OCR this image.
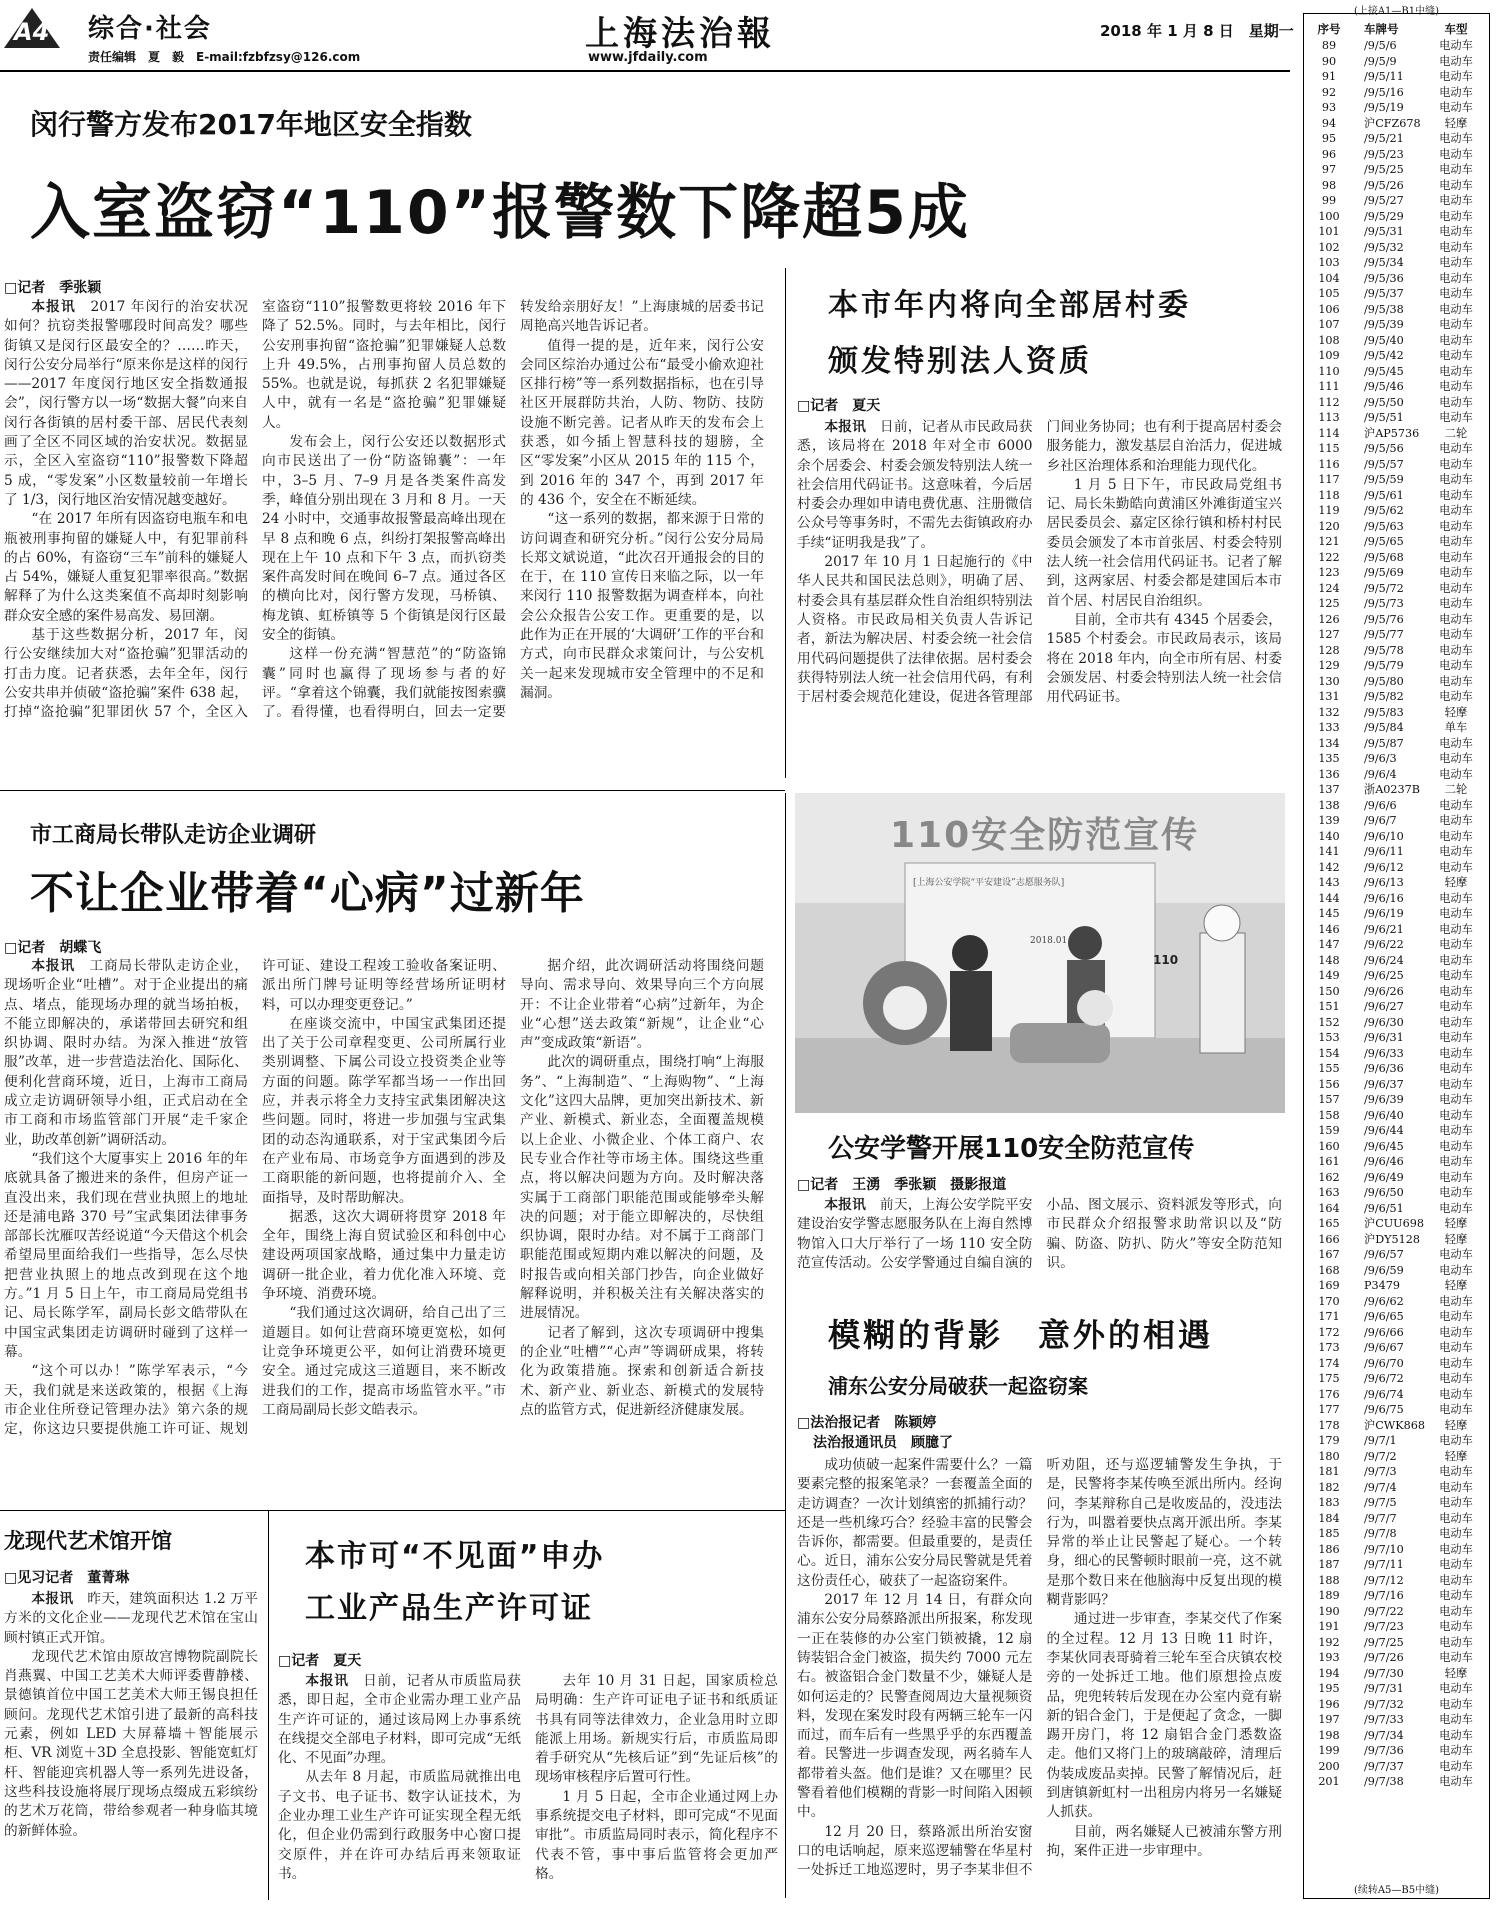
A4 综合·社会
责任编辑　夏　毅　E-mail:fzbfzsy@126.com
上海法治報
www.jfdaily.com
2018 年 1 月 8 日　星期一
闵行警方发布2017年地区安全指数
入室盗窃“110”报警数下降超5成
□记者　季张颖

本报讯　2017 年闵行的治安状况如何？抗窃类报警哪段时间高发？哪些街镇又是闵行区最安全的？……昨天，闵行公安分局举行“原来你是这样的闵行——2017 年度闵行地区安全指数通报会”，闵行警方以一场“数据大餐”向来自闵行各街镇的居村委干部、居民代表刻画了全区不同区域的治安状况。数据显示，全区入室盗窃“110”报警数下降超 5 成，“零发案”小区数量较前一年增长了 1/3，闵行地区治安情况越变越好。

“在 2017 年所有因盗窃电瓶车和电瓶被刑事拘留的嫌疑人中，有犯罪前科的占 60%，有盗窃“三车”前科的嫌疑人占 54%，嫌疑人重复犯罪率很高。”数据解释了为什么这类案值不高却时刻影响群众安全感的案件易高发、易回潮。

基于这些数据分析，2017 年，闵行公安继续加大对“盗抢骗”犯罪活动的打击力度。记者获悉，去年全年，闵行公安共串并侦破“盗抢骗”案件 638 起，打掉“盗抢骗”犯罪团伙 57 个，全区入室盗窃“110”报警数更将较 2016 年下降了 52.5%。同时，与去年相比，闵行公安刑事拘留“盗抢骗”犯罪嫌疑人总数上升 49.5%，占刑事拘留人员总数的 55%。也就是说，每抓获 2 名犯罪嫌疑人中，就有一名是“盗抢骗”犯罪嫌疑人。

发布会上，闵行公安还以数据形式向市民送出了一份“防盗锦囊”：一年中，3–5 月、7–9 月是各类案件高发季，峰值分别出现在 3 月和 8 月。一天 24 小时中，交通事故报警最高峰出现在早 8 点和晚 6 点，纠纷打架报警高峰出现在上午 10 点和下午 3 点，而扒窃类案件高发时间在晚间 6–7 点。通过各区的横向比对，闵行警方发现，马桥镇、梅龙镇、虹桥镇等 5 个街镇是闵行区最安全的街镇。

这样一份充满“智慧范”的“防盗锦囊”同时也赢得了现场参与者的好评。“拿着这个锦囊，我们就能按图索骥了。看得懂，也看得明白，回去一定要转发给亲朋好友！”上海康城的居委书记周艳高兴地告诉记者。

值得一提的是，近年来，闵行公安会同区综治办通过公布“最受小偷欢迎社区排行榜”等一系列数据指标，也在引导社区开展群防共治，人防、物防、技防设施不断完善。记者从昨天的发布会上获悉，如今插上智慧科技的翅膀，全区“零发案”小区从 2015 年的 115 个，到 2016 年的 347 个，再到 2017 年的 436 个，安全在不断延续。

“这一系列的数据，都来源于日常的访问调查和研究分析。”闵行公安分局局长郑文斌说道，“此次召开通报会的目的在于，在 110 宣传日来临之际，以一年来闵行 110 报警数据为调查样本，向社会公众报告公安工作。更重要的是，以此作为正在开展的‘大调研’工作的平台和方式，向市民群众求策问计，与公安机关一起来发现城市安全管理中的不足和漏洞。

本市年内将向全部居村委
颁发特别法人资质
□记者　夏天

本报讯　日前，记者从市民政局获悉，该局将在 2018 年对全市 6000 余个居委会、村委会颁发特别法人统一社会信用代码证书。这意味着，今后居村委会办理如申请电费优惠、注册微信公众号等事务时，不需先去街镇政府办手续“证明我是我”了。

2017 年 10 月 1 日起施行的《中华人民共和国民法总则》，明确了居、村委会具有基层群众性自治组织特别法人资格。市民政局相关负责人告诉记者，新法为解决居、村委会统一社会信用代码问题提供了法律依据。居村委会获得特别法人统一社会信用代码，有利于居村委会规范化建设，促进各管理部门间业务协同；也有利于提高居村委会服务能力，激发基层自治活力，促进城乡社区治理体系和治理能力现代化。

1 月 5 日下午，市民政局党组书记、局长朱勤皓向黄浦区外滩街道宝兴居民委员会、嘉定区徐行镇和桥村村民委员会颁发了本市首张居、村委会特别法人统一社会信用代码证书。记者了解到，这两家居、村委会都是建国后本市首个居、村居民自治组织。

目前，全市共有 4345 个居委会，1585 个村委会。市民政局表示，该局将在 2018 年内，向全市所有居、村委会颁发居、村委会特别法人统一社会信用代码证书。

市工商局长带队走访企业调研
不让企业带着“心病”过新年
□记者　胡蝶飞

本报讯　工商局长带队走访企业，现场听企业“吐槽”。对于企业提出的痛点、堵点，能现场办理的就当场拍板，不能立即解决的，承诺带回去研究和组织协调、限时办结。为深入推进“放管服”改革，进一步营造法治化、国际化、便利化营商环境，近日，上海市工商局成立走访调研领导小组，正式启动在全市工商和市场监管部门开展“走千家企业，助改革创新”调研活动。

“我们这个大厦事实上 2016 年的年底就具备了搬进来的条件，但房产证一直没出来，我们现在营业执照上的地址还是浦电路 370 号”宝武集团法律事务部部长沈雁叹苦经说道“今天借这个机会希望局里面给我们一些指导，怎么尽快把营业执照上的地点改到现在这个地方。”1 月 5 日上午，市工商局局党组书记、局长陈学军，副局长彭文皓带队在中国宝武集团走访调研时碰到了这样一幕。

“这个可以办！”陈学军表示，“今天，我们就是来送政策的，根据《上海市企业住所登记管理办法》第六条的规定，你这边只要提供施工许可证、规划许可证、建设工程竣工验收备案证明、派出所门牌号证明等经营场所证明材料，可以办理变更登记。”

在座谈交流中，中国宝武集团还提出了关于公司章程变更、公司所属行业类别调整、下属公司设立投资类企业等方面的问题。陈学军都当场一一作出回应，并表示将全力支持宝武集团解决这些问题。同时，将进一步加强与宝武集团的动态沟通联系，对于宝武集团今后在产业布局、市场竞争方面遇到的涉及工商职能的新问题，也将提前介入、全面指导，及时帮助解决。

据悉，这次大调研将贯穿 2018 年全年，围绕上海自贸试验区和科创中心建设两项国家战略，通过集中力量走访调研一批企业，着力优化准入环境、竞争环境、消费环境。

“我们通过这次调研，给自己出了三道题目。如何让营商环境更宽松，如何让竞争环境更公平，如何让消费环境更安全。通过完成这三道题目，来不断改进我们的工作，提高市场监管水平。”市工商局副局长彭文皓表示。

据介绍，此次调研活动将围绕问题导向、需求导向、效果导向三个方向展开：不让企业带着“心病”过新年，为企业“心想”送去政策“新规”，让企业“心声”变成政策“新语”。

此次的调研重点，围绕打响“上海服务”、“上海制造”、“上海购物”、“上海文化”这四大品牌，更加突出新技术、新产业、新模式、新业态，全面覆盖规模以上企业、小微企业、个体工商户、农民专业合作社等市场主体。围绕这些重点，将以解决问题为方向。及时解决落实属于工商部门职能范围或能够牵头解决的问题；对于能立即解决的，尽快组织协调，限时办结。对不属于工商部门职能范围或短期内难以解决的问题，及时报告或向相关部门抄告，向企业做好解释说明，并积极关注有关解决落实的进展情况。

记者了解到，这次专项调研中搜集的企业“吐槽”“心声”等调研成果，将转化为政策措施。探索和创新适合新技术、新产业、新业态、新模式的发展特点的监管方式，促进新经济健康发展。

110安全防范宣传
[上海公安学院“平安建设”志愿服务队]
2018.01
110
公安学警开展110安全防范宣传
□记者　王湧　季张颖　摄影报道

本报讯　前天，上海公安学院平安建设治安学警志愿服务队在上海自然博物馆入口大厅举行了一场 110 安全防范宣传活动。公安学警通过自编自演的小品、图文展示、资料派发等形式，向市民群众介绍报警求助常识以及“防骗、防盗、防扒、防火”等安全防范知识。

模糊的背影　意外的相遇
浦东公安分局破获一起盗窃案
□法治报记者　陈颖婷
法治报通讯员　顾臆了

成功侦破一起案件需要什么？一篇要素完整的报案笔录？一套覆盖全面的走访调查？一次计划缜密的抓捕行动？还是一些机缘巧合？经验丰富的民警会告诉你，都需要。但最重要的，是责任心。近日，浦东公安分局民警就是凭着这份责任心，破获了一起盗窃案件。

2017 年 12 月 14 日，有群众向浦东公安分局蔡路派出所报案，称发现一正在装修的办公室门锁被撬，12 扇铸装铝合金门被盗，损失约 7000 元左右。被盗铝合金门数量不少，嫌疑人是如何运走的？民警查阅周边大量视频资料，发现在案发时段有两辆三轮车一闪而过，而车后有一些黑乎乎的东西覆盖着。民警进一步调查发现，两名骑车人都带着头盔。他们是谁？又在哪里？民警看着他们模糊的背影一时间陷入困顿中。

12 月 20 日，蔡路派出所治安窗口的电话响起，原来巡逻辅警在华星村一处拆迁工地巡逻时，男子李某非但不听劝阻，还与巡逻辅警发生争执，于是，民警将李某传唤至派出所内。经询问，李某辩称自己是收废品的，没违法行为，叫嚣着要快点离开派出所。李某异常的举止让民警起了疑心。一个转身，细心的民警顿时眼前一亮，这不就是那个数日来在他脑海中反复出现的模糊背影吗？

通过进一步审查，李某交代了作案的全过程。12 月 13 日晚 11 时许，李某伙同表哥骑着三轮车至合庆镇农校旁的一处拆迁工地。他们原想捡点废品，兜兜转转后发现在办公室内竟有崭新的铝合金门，于是便起了贪念，一脚踢开房门，将 12 扇铝合金门悉数盗走。他们又将门上的玻璃敲碎，清理后伪装成废品卖掉。民警了解情况后，赶到唐镇新虹村一出租房内将另一名嫌疑人抓获。

目前，两名嫌疑人已被浦东警方刑拘，案件正进一步审理中。

龙现代艺术馆开馆
□见习记者　董菁琳

本报讯　昨天，建筑面积达 1.2 万平方米的文化企业——龙现代艺术馆在宝山顾村镇正式开馆。

龙现代艺术馆由原故宫博物院副院长肖燕翼、中国工艺美术大师评委曹静楼、景德镇首位中国工艺美术大师王锡良担任顾问。龙现代艺术馆引进了最新的高科技元素，例如 LED 大屏幕墙＋智能展示柜、VR 浏览＋3D 全息投影、智能宽虹灯杆、智能迎宾机器人等一系列先进设备，这些科技设施将展厅现场点缀成五彩缤纷的艺术万花筒，带给参观者一种身临其境的新鲜体验。

本市可“不见面”申办
工业产品生产许可证
□记者　夏天

本报讯　日前，记者从市质监局获悉，即日起，全市企业需办理工业产品生产许可证的，通过该局网上办事系统在线提交全部电子材料，即可完成“无纸化、不见面”办理。

从去年 8 月起，市质监局就推出电子文书、电子证书、数字认证技术，为企业办理工业生产许可证实现全程无纸化，但企业仍需到行政服务中心窗口提交原件，并在许可办结后再来领取证书。

去年 10 月 31 日起，国家质检总局明确：生产许可证电子证书和纸质证书具有同等法律效力，企业急用时立即能派上用场。新规实行后，市质监局即着手研究从“先核后证”到“先证后核”的现场审核程序后置可行性。

1 月 5 日起，全市企业通过网上办事系统提交电子材料，即可完成“不见面审批”。市质监局同时表示，简化程序不代表不管，事中事后监管将会更加严格。

(上接A1—B1中缝)
序号	车牌号	车型
89	/9/5/6	电动车
90	/9/5/9	电动车
91	/9/5/11	电动车
92	/9/5/16	电动车
93	/9/5/19	电动车
94	沪CFZ678	轻摩
95	/9/5/21	电动车
96	/9/5/23	电动车
97	/9/5/25	电动车
98	/9/5/26	电动车
99	/9/5/27	电动车
100	/9/5/29	电动车
101	/9/5/31	电动车
102	/9/5/32	电动车
103	/9/5/34	电动车
104	/9/5/36	电动车
105	/9/5/37	电动车
106	/9/5/38	电动车
107	/9/5/39	电动车
108	/9/5/40	电动车
109	/9/5/42	电动车
110	/9/5/45	电动车
111	/9/5/46	电动车
112	/9/5/50	电动车
113	/9/5/51	电动车
114	沪AP5736	二轮
115	/9/5/56	电动车
116	/9/5/57	电动车
117	/9/5/59	电动车
118	/9/5/61	电动车
119	/9/5/62	电动车
120	/9/5/63	电动车
121	/9/5/65	电动车
122	/9/5/68	电动车
123	/9/5/69	电动车
124	/9/5/72	电动车
125	/9/5/73	电动车
126	/9/5/76	电动车
127	/9/5/77	电动车
128	/9/5/78	电动车
129	/9/5/79	电动车
130	/9/5/80	电动车
131	/9/5/82	电动车
132	/9/5/83	轻摩
133	/9/5/84	单车
134	/9/5/87	电动车
135	/9/6/3	电动车
136	/9/6/4	电动车
137	浙A0237B	二轮
138	/9/6/6	电动车
139	/9/6/7	电动车
140	/9/6/10	电动车
141	/9/6/11	电动车
142	/9/6/12	电动车
143	/9/6/13	轻摩
144	/9/6/16	电动车
145	/9/6/19	电动车
146	/9/6/21	电动车
147	/9/6/22	电动车
148	/9/6/24	电动车
149	/9/6/25	电动车
150	/9/6/26	电动车
151	/9/6/27	电动车
152	/9/6/30	电动车
153	/9/6/31	电动车
154	/9/6/33	电动车
155	/9/6/36	电动车
156	/9/6/37	电动车
157	/9/6/39	电动车
158	/9/6/40	电动车
159	/9/6/44	电动车
160	/9/6/45	电动车
161	/9/6/46	电动车
162	/9/6/49	电动车
163	/9/6/50	电动车
164	/9/6/51	电动车
165	沪CUU698	轻摩
166	沪DY5128	轻摩
167	/9/6/57	电动车
168	/9/6/59	电动车
169	P3479	轻摩
170	/9/6/62	电动车
171	/9/6/65	电动车
172	/9/6/66	电动车
173	/9/6/67	电动车
174	/9/6/70	电动车
175	/9/6/72	电动车
176	/9/6/74	电动车
177	/9/6/75	电动车
178	沪CWK868	轻摩
179	/9/7/1	电动车
180	/9/7/2	轻摩
181	/9/7/3	电动车
182	/9/7/4	电动车
183	/9/7/5	电动车
184	/9/7/7	电动车
185	/9/7/8	电动车
186	/9/7/10	电动车
187	/9/7/11	电动车
188	/9/7/12	电动车
189	/9/7/16	电动车
190	/9/7/22	电动车
191	/9/7/23	电动车
192	/9/7/25	电动车
193	/9/7/26	电动车
194	/9/7/30	轻摩
195	/9/7/31	电动车
196	/9/7/32	电动车
197	/9/7/33	电动车
198	/9/7/34	电动车
199	/9/7/36	电动车
200	/9/7/37	电动车
201	/9/7/38	电动车
(续转A5—B5中缝)
